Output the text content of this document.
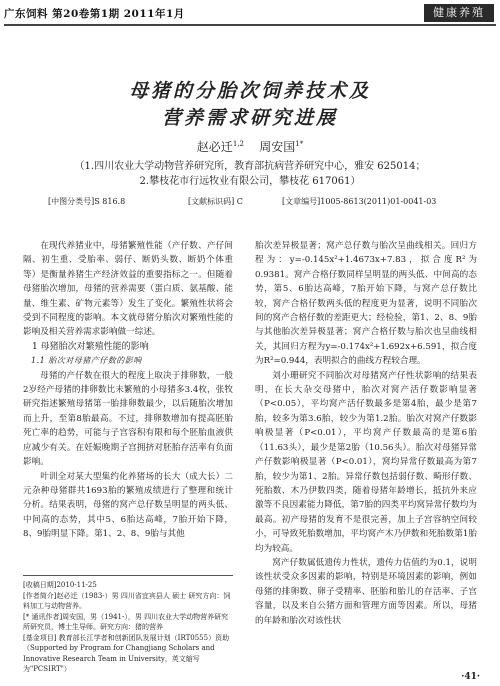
广东饲料 第20卷第1期 2011年1月	健康养殖
母猪的分胎次饲养技术及
营养需求研究进展
赵必迁$^{1,2}$ 周安国$^{1*}$
（1.四川农业大学动物营养研究所，教育部抗病营养研究中心，雅安 625014；
2.攀枝花市行远牧业有限公司，攀枝花 617061）
[中图分类号]S 816.8	[文献标识码] C	[文章编号]1005-8613(2011)01-0041-03

在现代养猪业中，母猪繁殖性能（产仔数、产仔间隔、初生重、受胎率、弱仔、断奶头数、断奶个体重等）是衡量养猪生产经济效益的重要指标之一。但随着母猪胎次增加，母猪的营养需要（蛋白质、氨基酸、能量、维生素、矿物元素等）发生了变化。繁殖性状将会受到不同程度的影响。本文就母猪分胎次对繁殖性能的影响及相关营养需求影响做一综述。

1 母猪胎次对繁殖性能的影响

1.1 胎次对母猪产仔数的影响

母猪的产仔数在很大的程度上取决于排卵数，一般2岁经产母猪的排卵数比未繁殖的小母猪多3.4枚，张牧研究指述繁殖母猪第一胎排卵数最少，以后随胎次增加而上升，至第8胎最高。不过，排卵数增加有提高胚胎死亡率的趋势，可能与子宫容积有限和每个胚胎血液供应减少有关。在妊娠晚期子宫拥挤对胚胎存活率有负面影响。

叶训全对某大型集约化养猪场的长大（成大长）二元杂种母猪群共1693胎的繁殖成绩进行了整理和统计分析。结果表明，母猪的窝产总仔数呈明显的两头低、中间高的态势，其中5、6胎达高峰，7胎开始下降，8、9胎明显下降。第1、2、8、9胎与其他

[收稿日期]2010-11-25

[作者简介]赵必迁（1983-）男 四川省宜宾县人 硕士 研究方向：饲料加工与动物营养。

[* 通讯作者]周安国，男（1941-），男 四川农业大学动物营养研究所研究员，博士生导师。研究方向：猪的营养

[基金项目] 教育部长江学者和创新团队发展计划（IRT0555）资助 （Supported by Program for Changjiang Scholars and Innovative Research Team in University，英文缩写为"PCSIRT"）

胎次差异极显著；窝产总仔数与胎次呈曲线相关。回归方程为：y=-0.145x²+1.4673x+7.83，拟合度R²为0.9381。窝产合格仔数同样呈明显的两头低、中间高的态势，第5、6胎达高峰，7胎开始下降，与窝产总仔数比较，窝产合格仔数两头低的程度更为显著，说明不同胎次间的窝产合格仔数的差距更大；经检验，第1、2、8、9胎与其他胎次差异极显著；窝产合格仔数与胎次也呈曲线相关，其回归方程为y=-0.174x²+1.692x+6.591，拟合度为R²=0.944，表明拟合的曲线方程较合理。

刘小珊研究不同胎次对母猪窝产仔性状影响的结果表明，在长大杂交母猪中，胎次对窝产活仔数影响显著（P<0.05），平均窝产活仔数最多是第4胎，最少是第7胎，较多为第3.6胎，较少为第1.2胎。胎次对窝产仔数影响极显著（P<0.01），平均窝产仔数最高的是第6胎（11.63头），最少是第2胎（10.56头）。胎次对母猪异常产仔数影响极显著（P<0.01），窝均异常仔数最高为第7胎，较少为第1、2胎。异常仔数包括弱仔数、畸形仔数、死胎数、木乃伊数四类，随着母猪年龄增长，抵抗外来应激等不良因素能力降低，第7胎的四类平均窝异常仔数均为最高。初产母猪的发育不是很完善，加上子宫容纳空间较小，可导致死胎数增加，平均窝产木乃伊数和死胎数第1胎均为较高。

窝产仔数属低遗传力性状，遗传力估值约为0.1，说明该性状受众多因素的影响，特别是环境因素的影响，例如母猪的排卵数、卵子受精率、胚胎和胎儿的存活率、子宫容量，以及来自公猪方面和管理方面等因素。所以，母猪的年龄和胎次对该性状

·41·
